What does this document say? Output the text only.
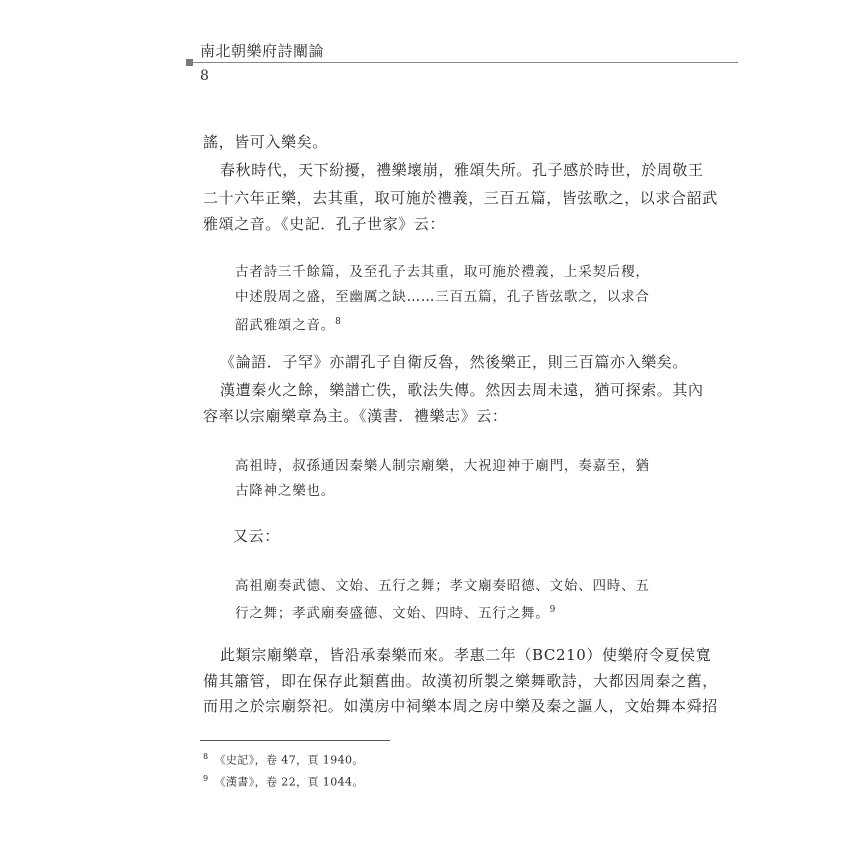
南北朝樂府詩闡論
8
謠，皆可入樂矣。
春秋時代，天下紛擾，禮樂壞崩，雅頌失所。孔子感於時世，於周敬王
二十六年正樂，去其重，取可施於禮義，三百五篇，皆弦歌之，以求合韶武
雅頌之音。《史記．孔子世家》云：
古者詩三千餘篇，及至孔子去其重，取可施於禮義，上采契后稷，
中述殷周之盛，至幽厲之缺……三百五篇，孔子皆弦歌之，以求合
韶武雅頌之音。$^8$
《論語．子罕》亦謂孔子自衛反魯，然後樂正，則三百篇亦入樂矣。
漢遭秦火之餘，樂譜亡佚，歌法失傳。然因去周未遠，猶可探索。其內
容率以宗廟樂章為主。《漢書．禮樂志》云：
高祖時，叔孫通因秦樂人制宗廟樂，大祝迎神于廟門，奏嘉至，猶
古降神之樂也。
又云：
高祖廟奏武德、文始、五行之舞；孝文廟奏昭德、文始、四時、五
行之舞；孝武廟奏盛德、文始、四時、五行之舞。$^9$
此類宗廟樂章，皆沿承秦樂而來。孝惠二年（BC210）使樂府令夏侯寬
備其簫管，即在保存此類舊曲。故漢初所製之樂舞歌詩，大都因周秦之舊，
而用之於宗廟祭祀。如漢房中祠樂本周之房中樂及秦之謳人，文始舞本舜招
$^8$ 《史記》，卷 47，頁 1940。
$^9$ 《漢書》，卷 22，頁 1044。
